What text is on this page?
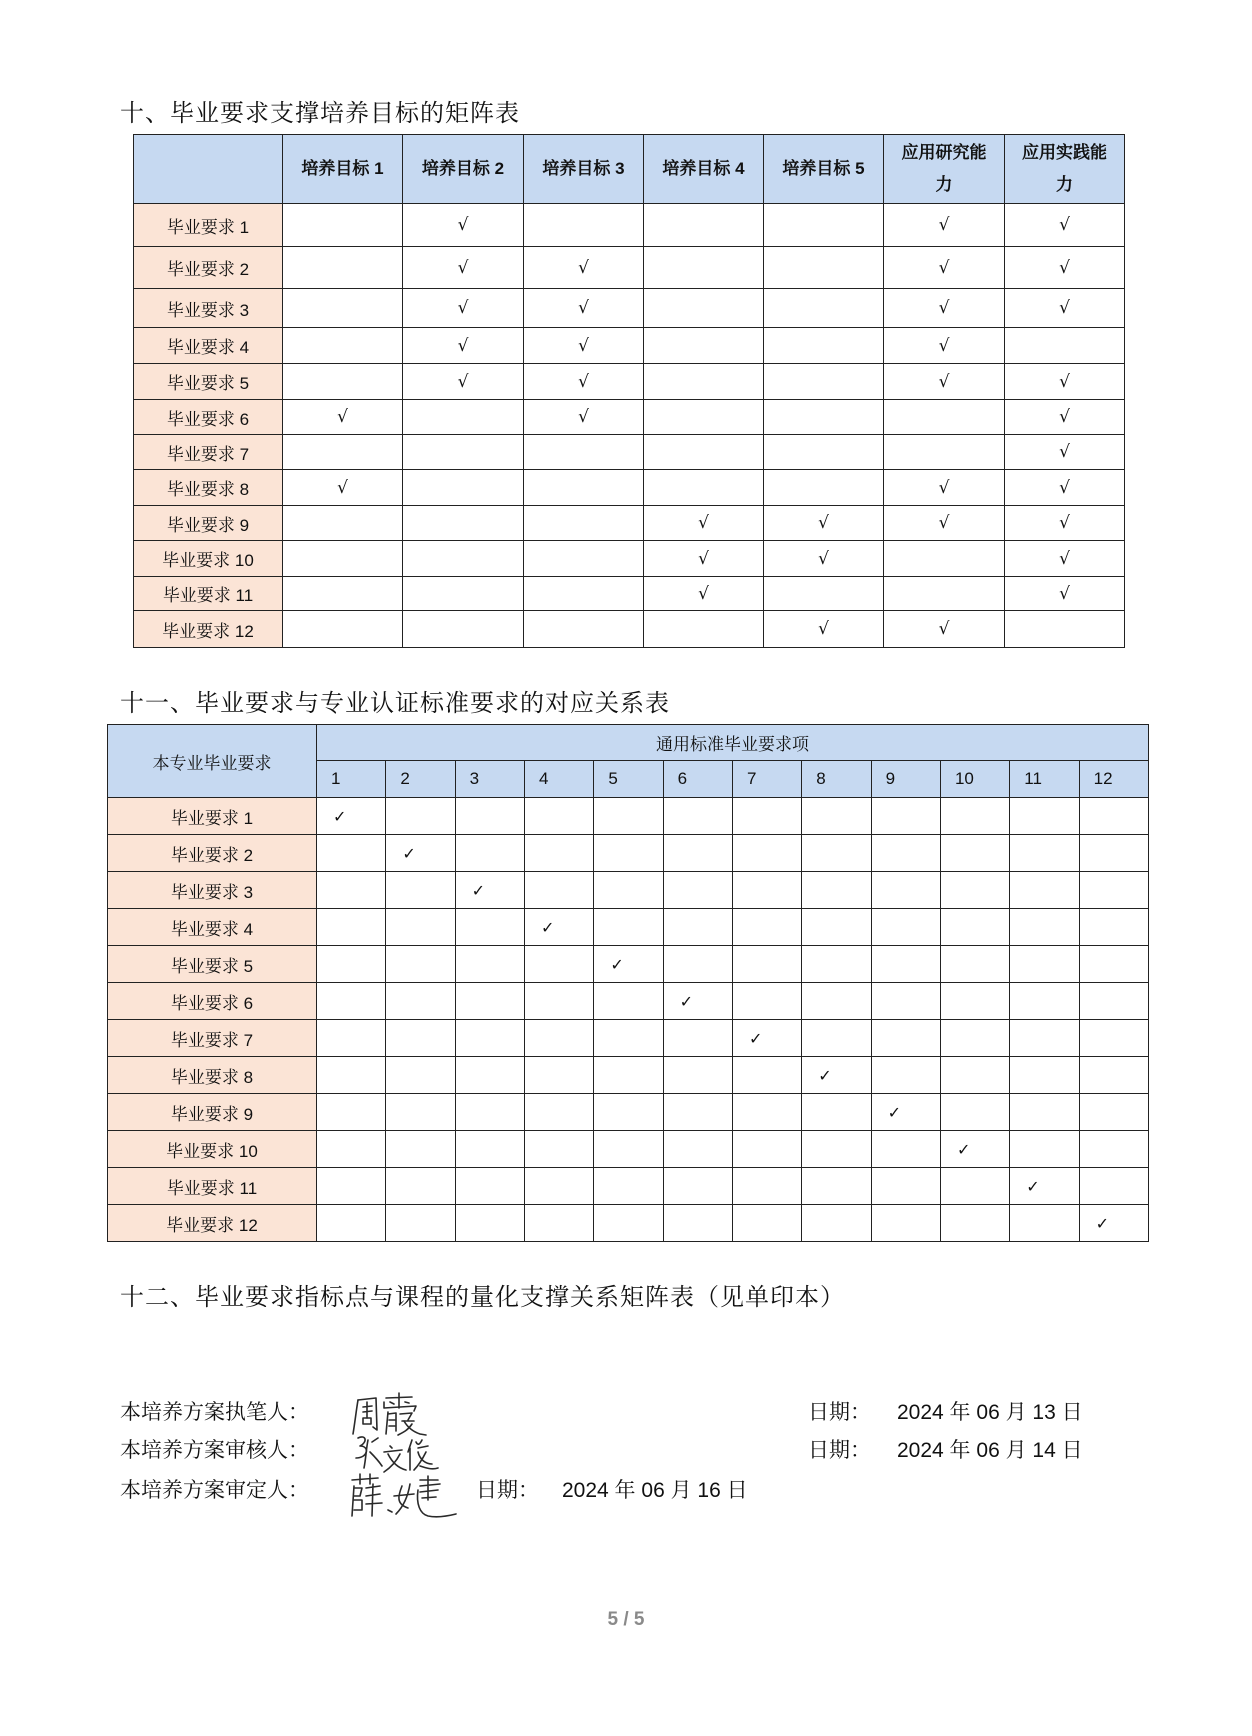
十、毕业要求支撑培养目标的矩阵表
	培养目标 1	培养目标 2	培养目标 3	培养目标 4	培养目标 5	应用研究能力	应用实践能力
毕业要求 1		√				√	√
毕业要求 2		√	√			√	√
毕业要求 3		√	√			√	√
毕业要求 4		√	√			√	
毕业要求 5		√	√			√	√
毕业要求 6	√		√				√
毕业要求 7							√
毕业要求 8	√					√	√
毕业要求 9				√	√	√	√
毕业要求 10				√	√		√
毕业要求 11				√			√
毕业要求 12					√	√	
十一、毕业要求与专业认证标准要求的对应关系表
本专业毕业要求	通用标准毕业要求项											
	1	2	3	4	5	6	7	8	9	10	11	12
毕业要求 1	✓											
毕业要求 2		✓										
毕业要求 3			✓									
毕业要求 4				✓								
毕业要求 5					✓							
毕业要求 6						✓						
毕业要求 7							✓					
毕业要求 8								✓				
毕业要求 9									✓			
毕业要求 10										✓		
毕业要求 11											✓	
毕业要求 12												✓
十二、毕业要求指标点与课程的量化支撑关系矩阵表（见单印本）
本培养方案执笔人：	日期： 2024 年 06 月 13 日
本培养方案审核人：	日期： 2024 年 06 月 14 日
本培养方案审定人：	日期： 2024 年 06 月 16 日
5 / 5
